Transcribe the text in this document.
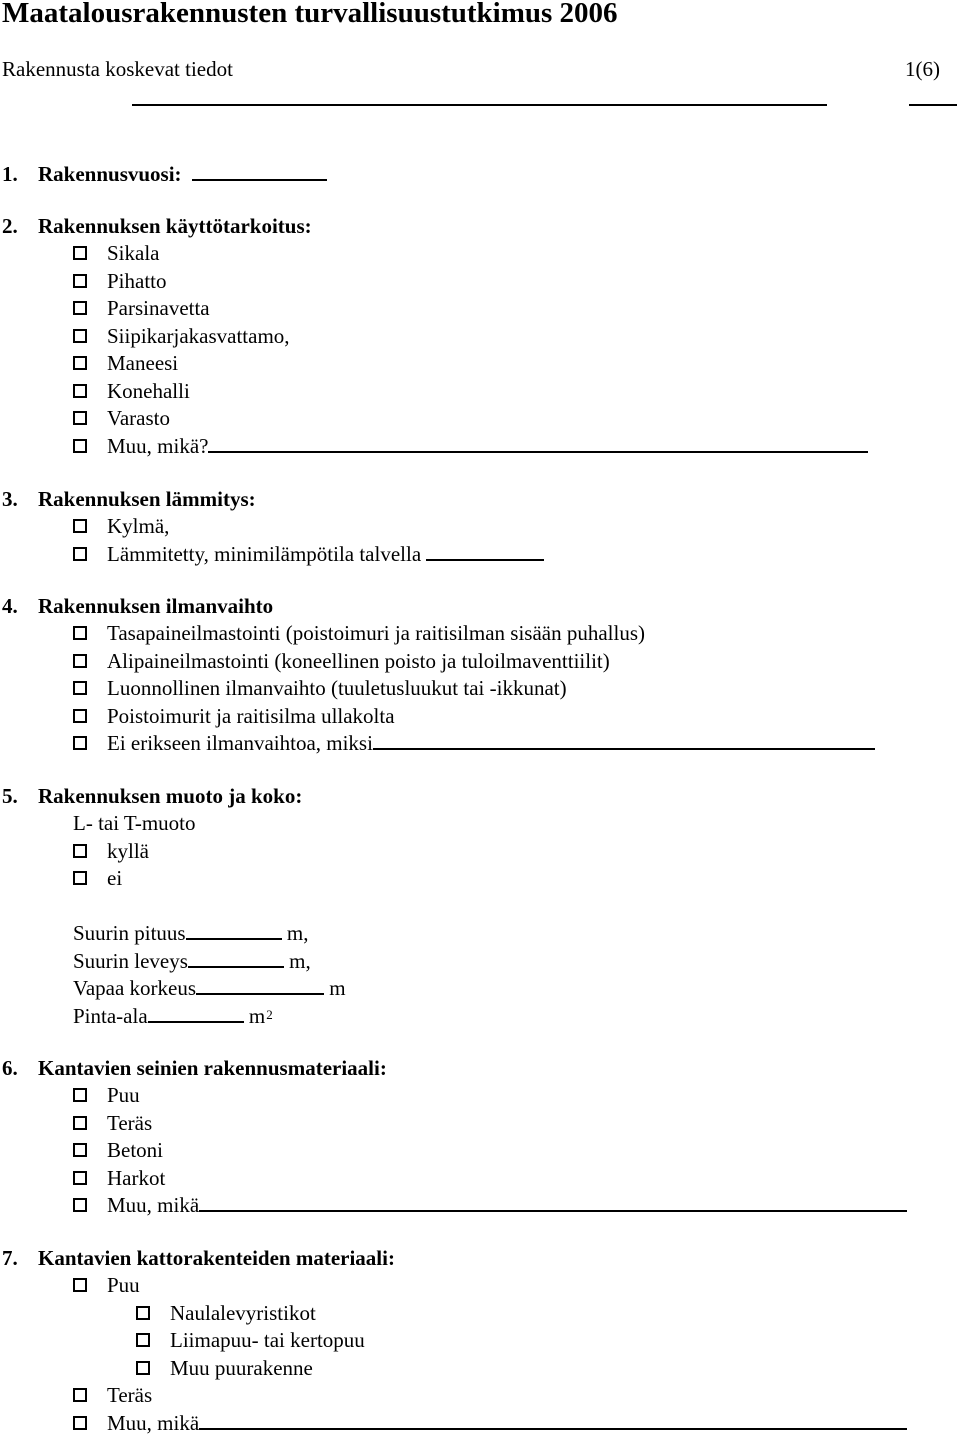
Maatalousrakennusten turvallisuustutkimus 2006
Rakennusta koskevat tiedot	1(6)
1. Rakennusvuosi:
2. Rakennuksen käyttötarkoitus:
Sikala
Pihatto
Parsinavetta
Siipikarjakasvattamo,
Maneesi
Konehalli
Varasto
Muu, mikä?
3. Rakennuksen lämmitys:
Kylmä,
Lämmitetty, minimilämpötila talvella
4. Rakennuksen ilmanvaihto
Tasapaineilmastointi (poistoimuri ja raitisilman sisään puhallus)
Alipaineilmastointi (koneellinen poisto ja tuloilmaventtiilit)
Luonnollinen ilmanvaihto (tuuletusluukut tai -ikkunat)
Poistoimurit ja raitisilma ullakolta
Ei erikseen ilmanvaihtoa, miksi
5. Rakennuksen muoto ja koko:
L- tai T-muoto
kyllä
ei
Suurin pituus	m,
Suurin leveys	m,
Vapaa korkeus	m
Pinta-ala	$m^2$
6. Kantavien seinien rakennusmateriaali:
Puu
Teräs
Betoni
Harkot
Muu, mikä
7. Kantavien kattorakenteiden materiaali:
Puu
Naulalevyristikot
Liimapuu- tai kertopuu
Muu puurakenne
Teräs
Muu, mikä
